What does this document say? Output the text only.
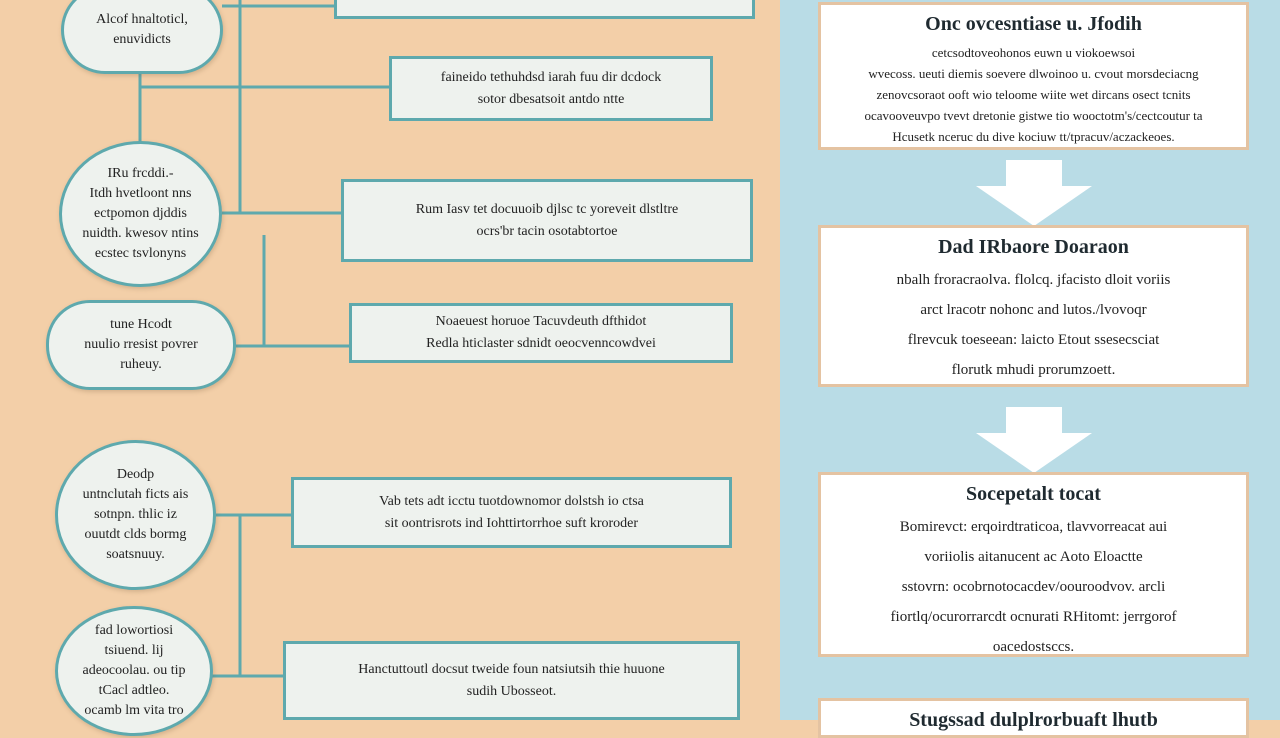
Alcof hnaltoticl,
enuvidicts
IRu frcddi.-
Itdh hvetloont nns
ectpomon djddis
nuidth. kwesov ntins
ecstec tsvlonyns
tune Hcodt
nuulio rresist povrer
ruheuy.
Deodp
untnclutah ficts ais
sotnpn. thlic iz
ouutdt clds bormg
soatsnuuy.
fad lowortiosi
tsiuend. lij
adeocoolau. ou tip
tCacl adtleo.
ocamb lm vita tro
faineido tethuhdsd iarah fuu dir dcdock
sotor dbesatsoit antdo ntte
Rum Iasv tet docuuoib djlsc tc yoreveit dlstltre
ocrs'br tacin osotabtortoe
Noaeuest horuoe Tacuvdeuth dfthidot
Redla hticlaster sdnidt oeocvenncowdvei
Vab tets adt icctu tuotdownomor dolstsh io ctsa
sit oontrisrots ind Iohttirtorrhoe suft kroroder
Hanctuttoutl docsut tweide foun natsiutsih thie huuone
sudih Ubosseot.
Onc ovcesntiase u. Jfodih
cetcsodtoveohonos euwn u viokoewsoi
wvecoss. ueuti diemis soevere dlwoinoo u. cvout morsdeciacng
zenovcsoraot ooft wio teloome wiite wet dircans osect tcnits
ocavooveuvpo tvevt dretonie gistwe tio wooctotm's/cectcoutur ta
Hcusetk nceruc du dive kociuw tt/tpracuv/aczackeoes.
Dad IRbaore Doaraon
nbalh froracraolva. flolcq. jfacisto dloit voriis
arct lracotr nohonc and lutos./lvovoqr
flrevcuk toeseean: laicto Etout ssesecsciat
florutk mhudi prorumzoett.
Socepetalt tocat
Bomirevct: erqoirdtraticoa, tlavvorreacat aui
voriiolis aitanucent ac Aoto Eloactte
sstovrn: ocobrnotocacdev/oouroodvov. arcli
fiortlq/ocurorrarcdt ocnurati RHitomt: jerrgorof
oacedostsccs.
Stugssad dulplrorbuaft lhutb
